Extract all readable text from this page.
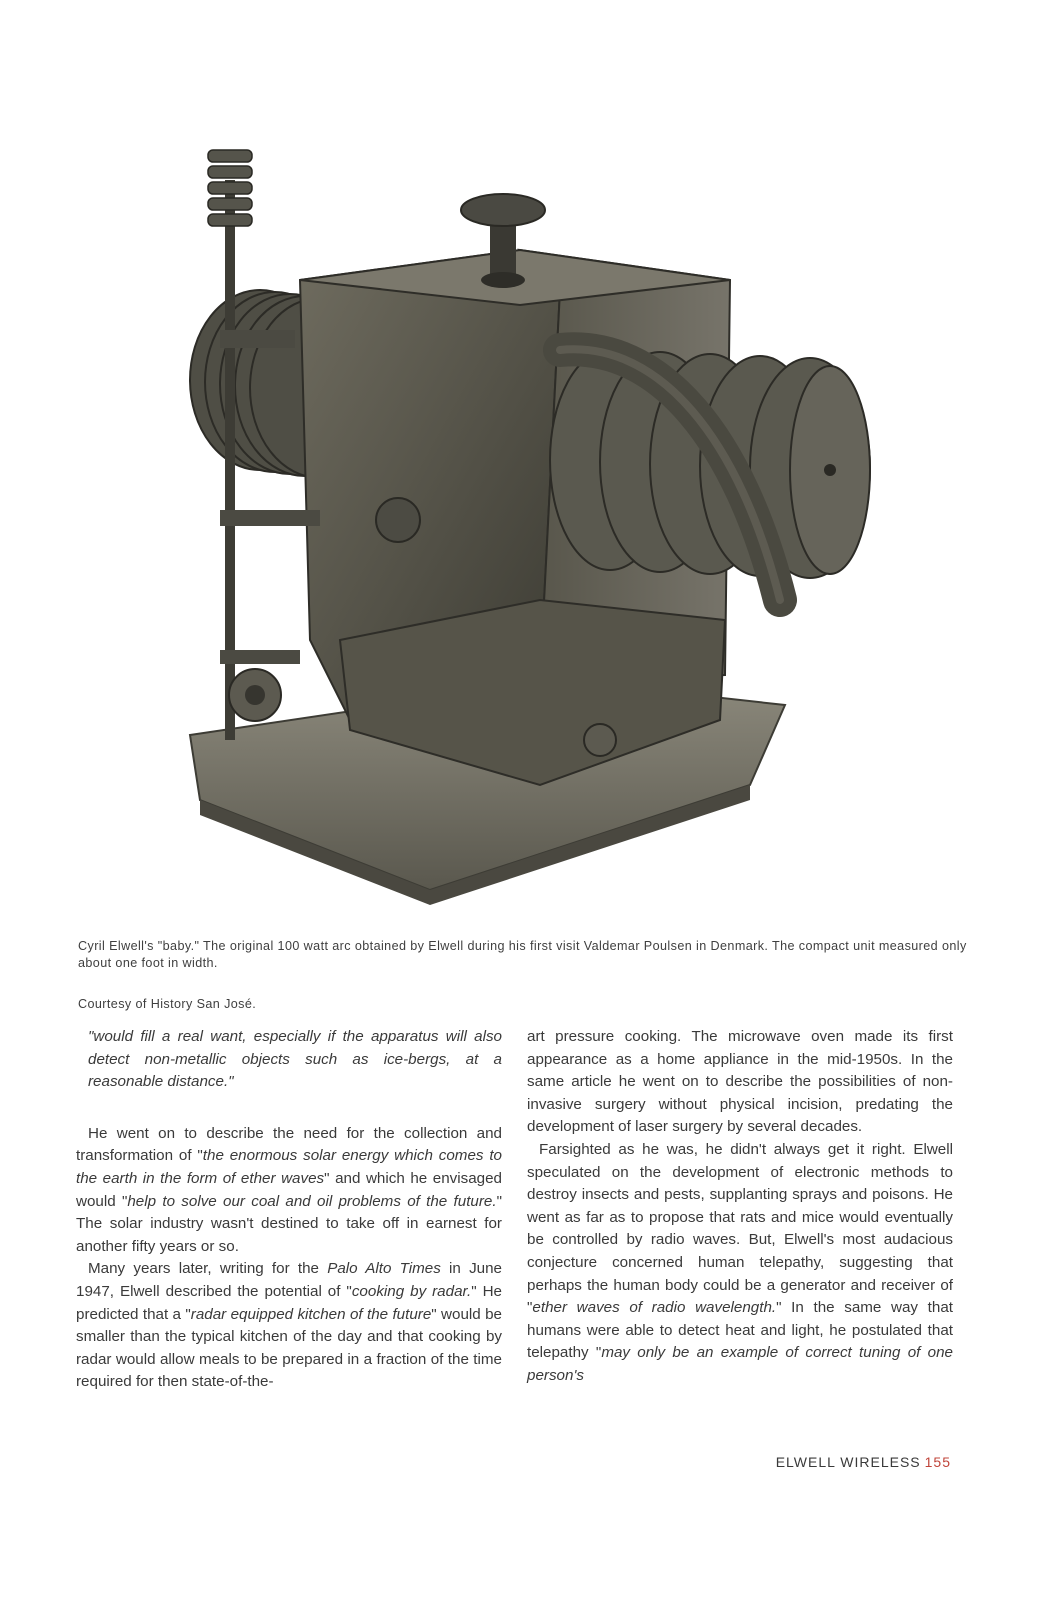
Cyril Elwell's "baby." The original 100 watt arc obtained by Elwell during his first visit Valdemar Poulsen in Denmark. The compact unit measured only about one foot in width.
Courtesy of History San José.

"would fill a real want, especially if the apparatus will also detect non-metallic objects such as ice-bergs, at a reasonable distance."

He went on to describe the need for the collection and transformation of "the enormous solar energy which comes to the earth in the form of ether waves" and which he envisaged would "help to solve our coal and oil problems of the future." The solar industry wasn't destined to take off in earnest for another fifty years or so.

Many years later, writing for the Palo Alto Times in June 1947, Elwell described the potential of "cooking by radar." He predicted that a "radar equipped kitchen of the future" would be smaller than the typical kitchen of the day and that cooking by radar would allow meals to be prepared in a fraction of the time required for then state-of-the-

art pressure cooking. The microwave oven made its first appearance as a home appliance in the mid-1950s. In the same article he went on to describe the possibilities of non-invasive surgery without physical incision, predating the development of laser surgery by several decades.

Farsighted as he was, he didn't always get it right. Elwell speculated on the development of electronic methods to destroy insects and pests, supplanting sprays and poisons. He went as far as to propose that rats and mice would eventually be controlled by radio waves. But, Elwell's most audacious conjecture concerned human telepathy, suggesting that perhaps the human body could be a generator and receiver of "ether waves of radio wavelength." In the same way that humans were able to detect heat and light, he postulated that telepathy "may only be an example of correct tuning of one person's

ELWELL WIRELESS 155
